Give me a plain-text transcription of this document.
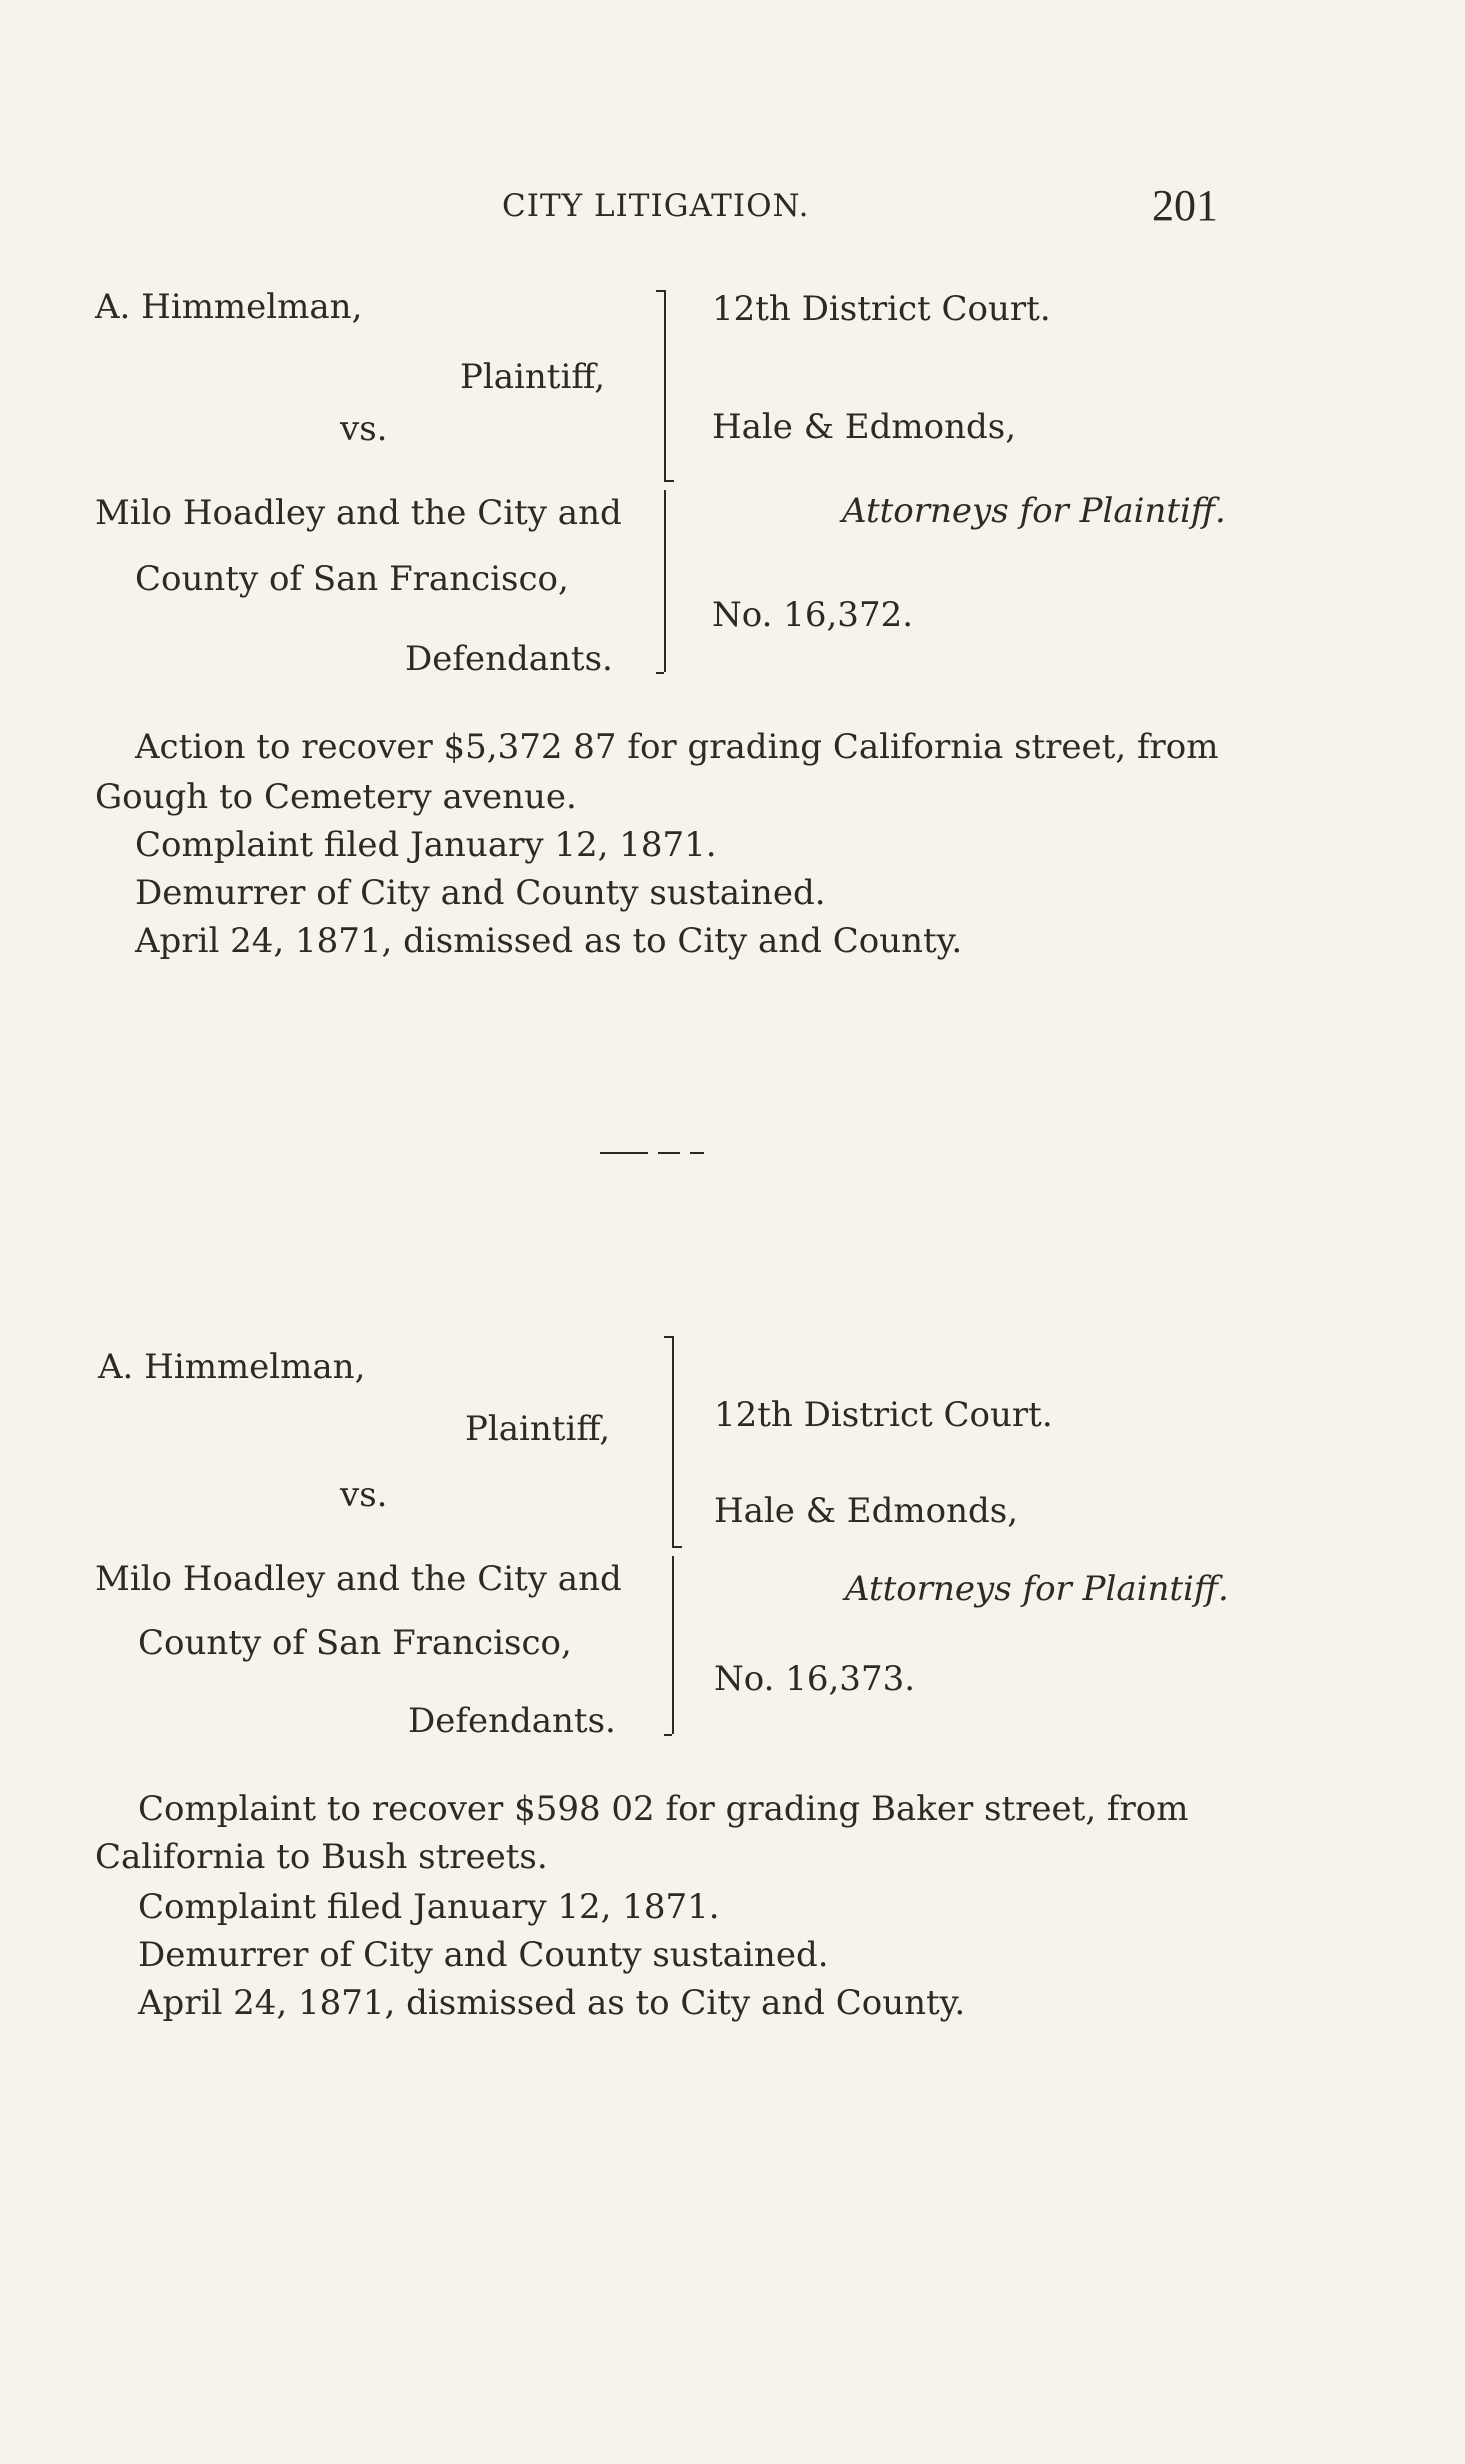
CITY LITIGATION.	201
A. Himmelman,
Plaintiff,
vs.
Milo Hoadley and the City and
County of San Francisco,
Defendants.
12th District Court.
Hale & Edmonds,
Attorneys for Plaintiff.
No. 16,372.
Action to recover $5,372 87 for grading California street, from
Gough to Cemetery avenue.
Complaint filed January 12, 1871.
Demurrer of City and County sustained.
April 24, 1871, dismissed as to City and County.
A. Himmelman,
Plaintiff,
vs.
Milo Hoadley and the City and
County of San Francisco,
Defendants.
12th District Court.
Hale & Edmonds,
Attorneys for Plaintiff.
No. 16,373.
Complaint to recover $598 02 for grading Baker street, from
California to Bush streets.
Complaint filed January 12, 1871.
Demurrer of City and County sustained.
April 24, 1871, dismissed as to City and County.
